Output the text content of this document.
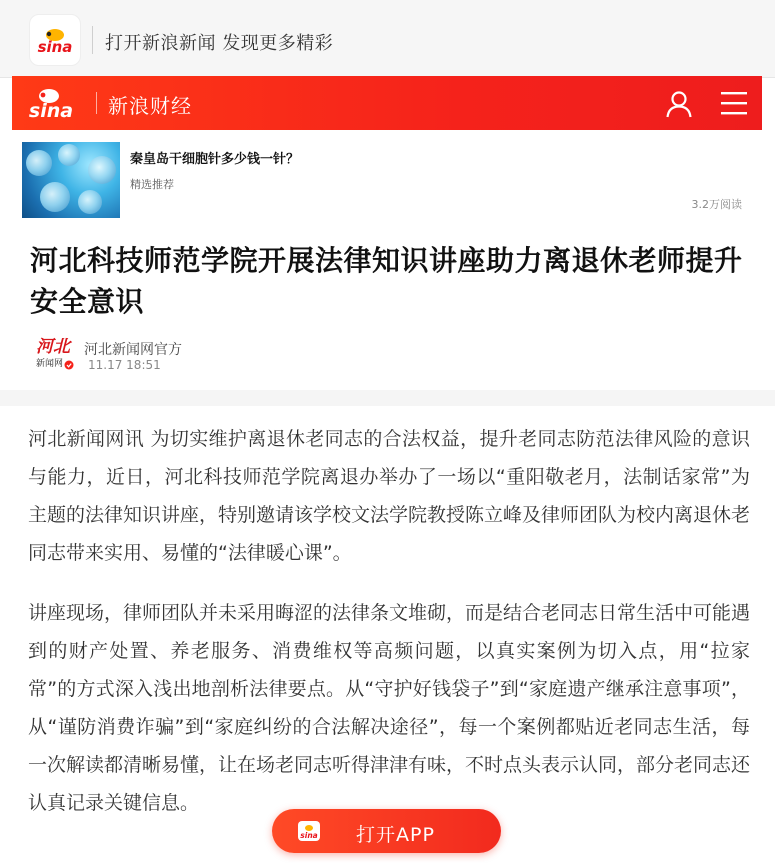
sina 打开新浪新闻 发现更多精彩
sina 新浪财经
秦皇岛干细胞针多少钱一针？
精选推荐
3.2万阅读
河北科技师范学院开展法律知识讲座助力离退休老师提升安全意识
河北
新闻网
河北新闻网官方
11.17 18:51

河北新闻网讯 为切实维护离退休老同志的合法权益，提升老同志防范法律风险的意识与能力，近日，河北科技师范学院离退办举办了一场以“重阳敬老月，法制话家常”为主题的法律知识讲座，特别邀请该学校文法学院教授陈立峰及律师团队为校内离退休老同志带来实用、易懂的“法律暖心课”。

讲座现场，律师团队并未采用晦涩的法律条文堆砌，而是结合老同志日常生活中可能遇到的财产处置、养老服务、消费维权等高频问题，以真实案例为切入点，用“拉家常”的方式深入浅出地剖析法律要点。从“守护好钱袋子”到“家庭遗产继承注意事项”，从“谨防消费诈骗”到“家庭纠纷的合法解决途径”，每一个案例都贴近老同志生活，每一次解读都清晰易懂，让在场老同志听得津津有味，不时点头表示认同，部分老同志还认真记录关键信息。

sina 打开APP
